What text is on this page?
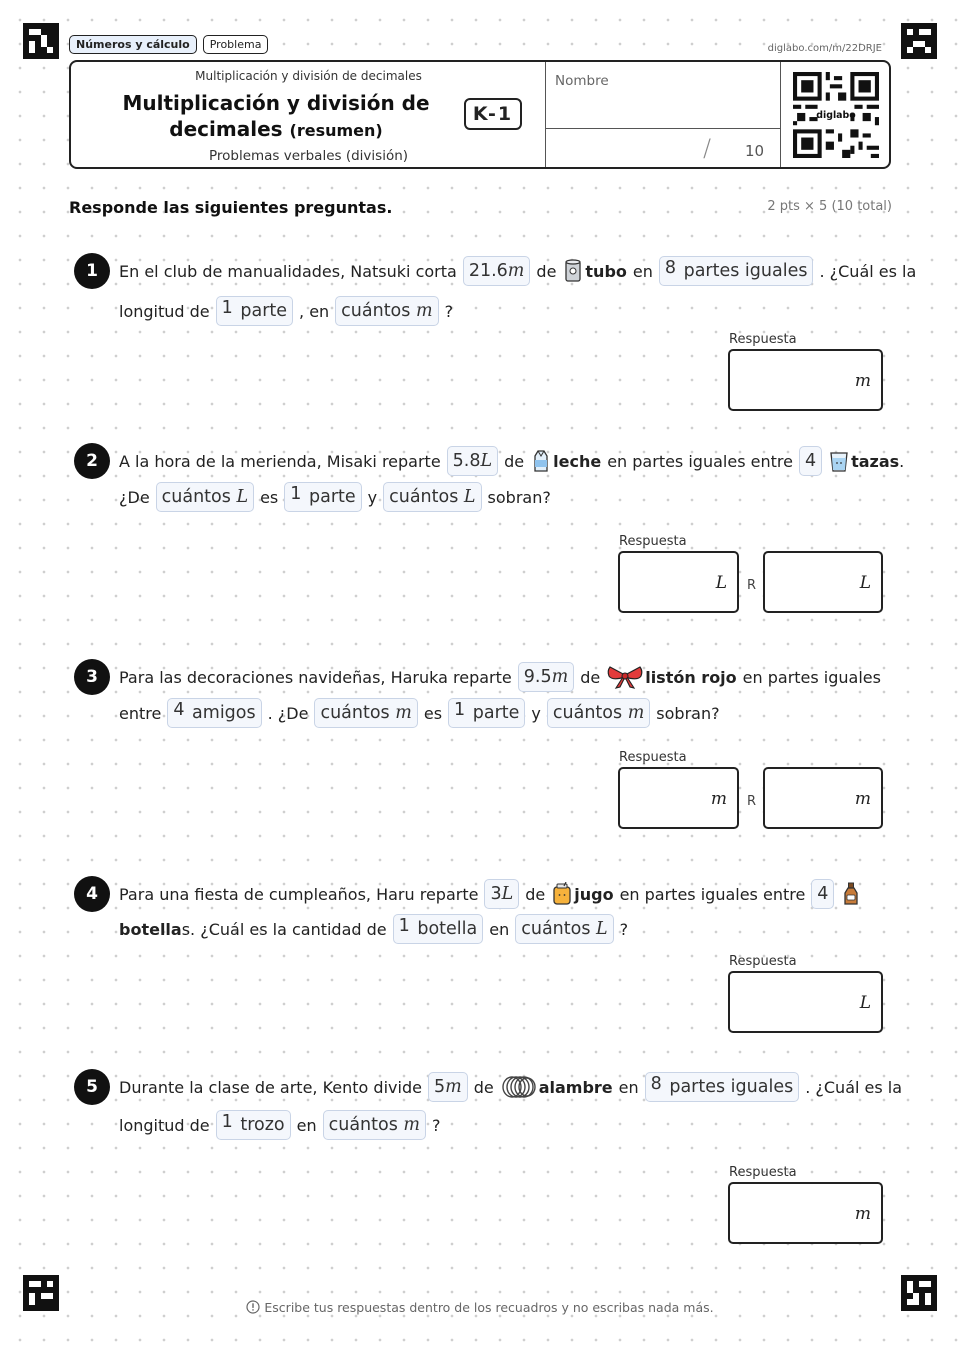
Números y cálculo	Problema	diglabo.com/m/22DRJE
Multiplicación y división de decimales
Multiplicación y división de
decimales (resumen)
K-1
Problemas verbales (división)
Nombre
/ 10
diglabo
Responde las siguientes preguntas.	2 pts × 5 (10 total)
1	En el club de manualidades, Natsuki corta 21.6m de tubo en 8 partes iguales . ¿Cuál es la
longitud de 1 parte , en cuántos m ?
Respuesta
m
2	A la hora de la merienda, Misaki reparte 5.8L de leche en partes iguales entre 4	tazas .
¿De cuántos L es 1 parte y cuántos L sobran?
Respuesta
L R	L
3	Para las decoraciones navideñas, Haruka reparte 9.5m de	listón rojo en partes iguales
entre 4 amigos . ¿De cuántos m es 1 parte y cuántos m sobran?
Respuesta
m R	m
4	Para una fiesta de cumpleaños, Haru reparte 3L de jugo en partes iguales entre 4
botella s. ¿Cuál es la cantidad de 1 botella en cuántos L ?
Respuesta
L
5	Durante la clase de arte, Kento divide 5m de	alambre en 8 partes iguales . ¿Cuál es la
longitud de 1 trozo en cuántos m ?
Respuesta
m
Escribe tus respuestas dentro de los recuadros y no escribas nada más.
